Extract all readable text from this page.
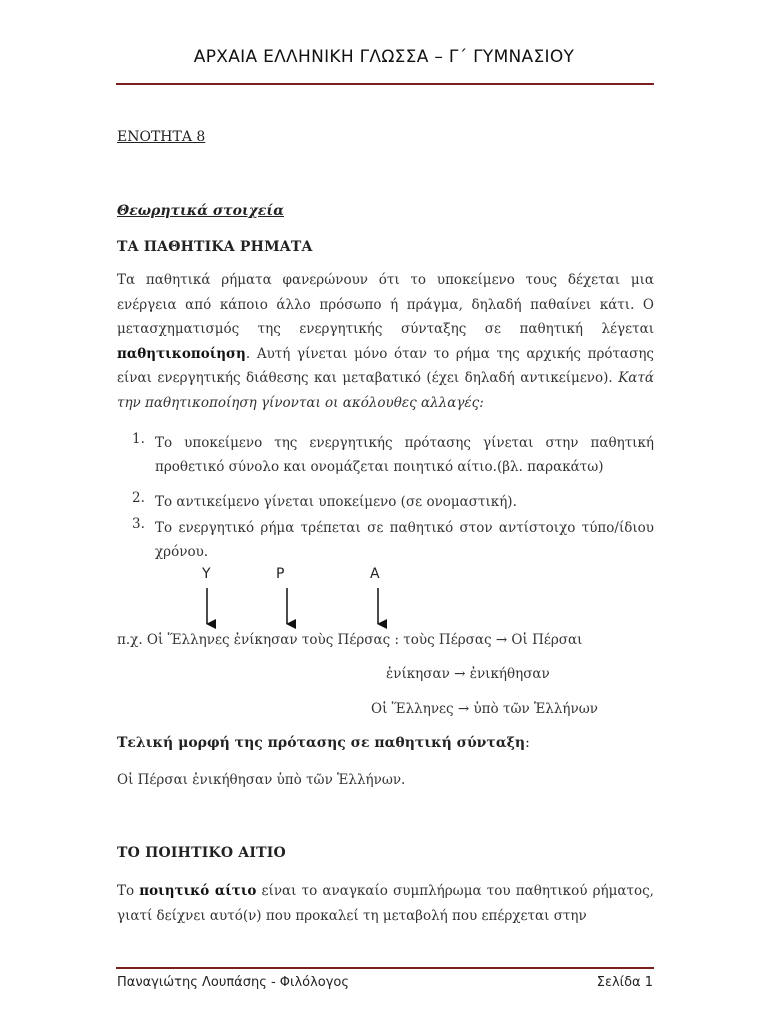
ΑΡΧΑΙΑ ΕΛΛΗΝΙΚΗ ΓΛΩΣΣΑ – Γ΄ ΓΥΜΝΑΣΙΟΥ
ΕΝΟΤΗΤΑ 8
Θεωρητικά στοιχεία
ΤΑ ΠΑΘΗΤΙΚΑ ΡΗΜΑΤΑ
Τα παθητικά ρήματα φανερώνουν ότι το υποκείμενο τους δέχεται μια ενέργεια από κάποιο άλλο πρόσωπο ή πράγμα, δηλαδή παθαίνει κάτι. Ο μετασχηματισμός της ενεργητικής σύνταξης σε παθητική λέγεται παθητικοποίηση. Αυτή γίνεται μόνο όταν το ρήμα της αρχικής πρότασης είναι ενεργητικής διάθεσης και μεταβατικό (έχει δηλαδή αντικείμενο). Κατά την παθητικοποίηση γίνονται οι ακόλουθες αλλαγές:
1. Το υποκείμενο της ενεργητικής πρότασης γίνεται στην παθητική προθετικό σύνολο και ονομάζεται ποιητικό αίτιο.(βλ. παρακάτω)
2. Το αντικείμενο γίνεται υποκείμενο (σε ονομαστική).
3. Το ενεργητικό ρήμα τρέπεται σε παθητικό στον αντίστοιχο τύπο/ίδιου χρόνου.
Υ	Ρ	Α
π.χ. Οἱ Ἕλληνες ἐνίκησαν τοὺς Πέρσας : τοὺς Πέρσας → Οἱ Πέρσαι
ἐνίκησαν → ἐνικήθησαν
Οἱ Ἕλληνες → ὑπὸ τῶν Ἑλλήνων
Τελική μορφή της πρότασης σε παθητική σύνταξη:
Οἱ Πέρσαι ἐνικήθησαν ὑπὸ τῶν Ἑλλήνων.
ΤΟ ΠΟΙΗΤΙΚΟ ΑΙΤΙΟ
Το ποιητικό αίτιο είναι το αναγκαίο συμπλήρωμα του παθητικού ρήματος, γιατί δείχνει αυτό(ν) που προκαλεί τη μεταβολή που επέρχεται στην
Παναγιώτης Λουπάσης - Φιλόλογος	Σελίδα 1
